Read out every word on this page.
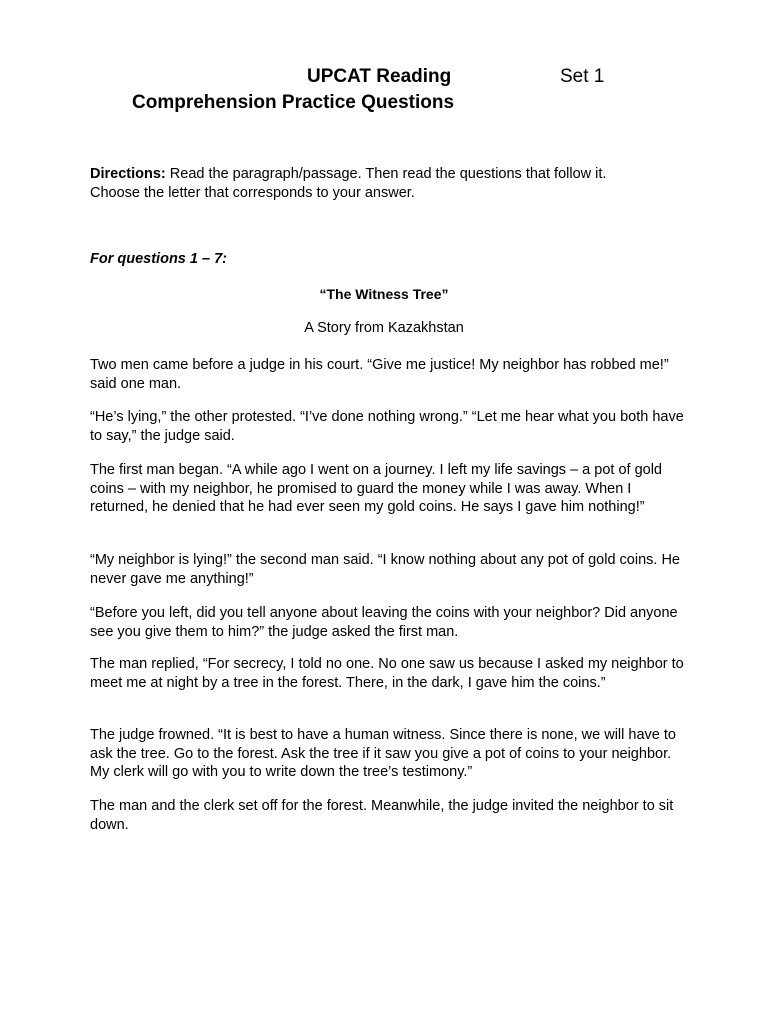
UPCAT Reading	Set 1
Comprehension Practice Questions
Directions: Read the paragraph/passage. Then read the questions that follow it.
Choose the letter that corresponds to your answer.
For questions 1 – 7:
“The Witness Tree”
A Story from Kazakhstan
Two men came before a judge in his court. “Give me justice! My neighbor has robbed me!” said one man.
“He’s lying,” the other protested. “I’ve done nothing wrong.” “Let me hear what you both have to say,” the judge said.
The first man began. “A while ago I went on a journey. I left my life savings – a pot of gold coins – with my neighbor, he promised to guard the money while I was away. When I returned, he denied that he had ever seen my gold coins. He says I gave him nothing!”
“My neighbor is lying!” the second man said. “I know nothing about any pot of gold coins. He never gave me anything!”
“Before you left, did you tell anyone about leaving the coins with your neighbor? Did anyone see you give them to him?” the judge asked the first man.
The man replied, “For secrecy, I told no one. No one saw us because I asked my neighbor to meet me at night by a tree in the forest. There, in the dark, I gave him the coins.”
The judge frowned. “It is best to have a human witness. Since there is none, we will have to ask the tree. Go to the forest. Ask the tree if it saw you give a pot of coins to your neighbor. My clerk will go with you to write down the tree’s testimony.”
The man and the clerk set off for the forest. Meanwhile, the judge invited the neighbor to sit down.
